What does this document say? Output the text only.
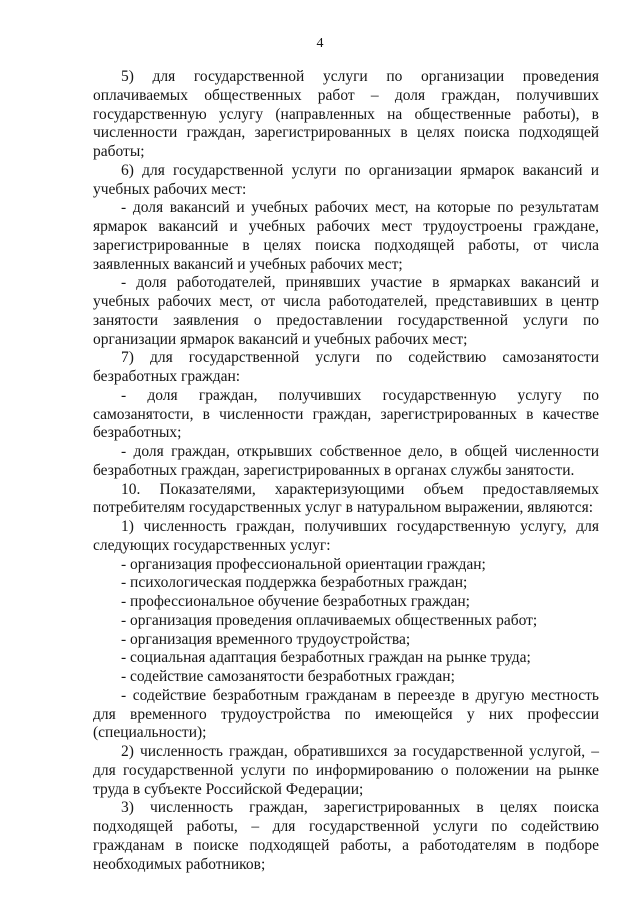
4

5) для государственной услуги по организации проведения оплачиваемых общественных работ – доля граждан, получивших государственную услугу (направленных на общественные работы), в численности граждан, зарегистрированных в целях поиска подходящей работы;

6) для государственной услуги по организации ярмарок вакансий и учебных рабочих мест:

- доля вакансий и учебных рабочих мест, на которые по результатам ярмарок вакансий и учебных рабочих мест трудоустроены граждане, зарегистрированные в целях поиска подходящей работы, от числа заявленных вакансий и учебных рабочих мест;

- доля работодателей, принявших участие в ярмарках вакансий и учебных рабочих мест, от числа работодателей, представивших в центр занятости заявления о предоставлении государственной услуги по организации ярмарок вакансий и учебных рабочих мест;

7) для государственной услуги по содействию самозанятости безработных граждан:

- доля граждан, получивших государственную услугу по самозанятости, в численности граждан, зарегистрированных в качестве безработных;

- доля граждан, открывших собственное дело, в общей численности безработных граждан, зарегистрированных в органах службы занятости.

10. Показателями, характеризующими объем предоставляемых потребителям государственных услуг в натуральном выражении, являются:

1) численность граждан, получивших государственную услугу, для следующих государственных услуг:

- организация профессиональной ориентации граждан;

- психологическая поддержка безработных граждан;

- профессиональное обучение безработных граждан;

- организация проведения оплачиваемых общественных работ;

- организация временного трудоустройства;

- социальная адаптация безработных граждан на рынке труда;

- содействие самозанятости безработных граждан;

- содействие безработным гражданам в переезде в другую местность для временного трудоустройства по имеющейся у них профессии (специальности);

2) численность граждан, обратившихся за государственной услугой, – для государственной услуги по информированию о положении на рынке труда в субъекте Российской Федерации;

3) численность граждан, зарегистрированных в целях поиска подходящей работы, – для государственной услуги по содействию гражданам в поиске подходящей работы, а работодателям в подборе необходимых работников;
